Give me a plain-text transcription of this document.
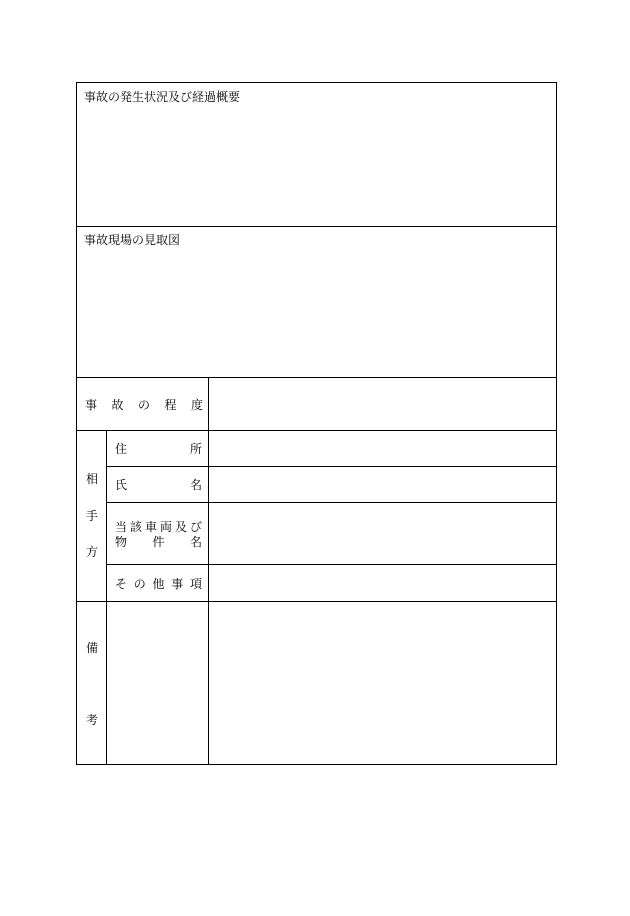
事故の発生状況及び経過概要
事故現場の見取図
事 故 の 程 度
相
手
方
住	所
氏	名
当 該 車 両 及 び
物 件 名
そ の 他 事 項
備
考
